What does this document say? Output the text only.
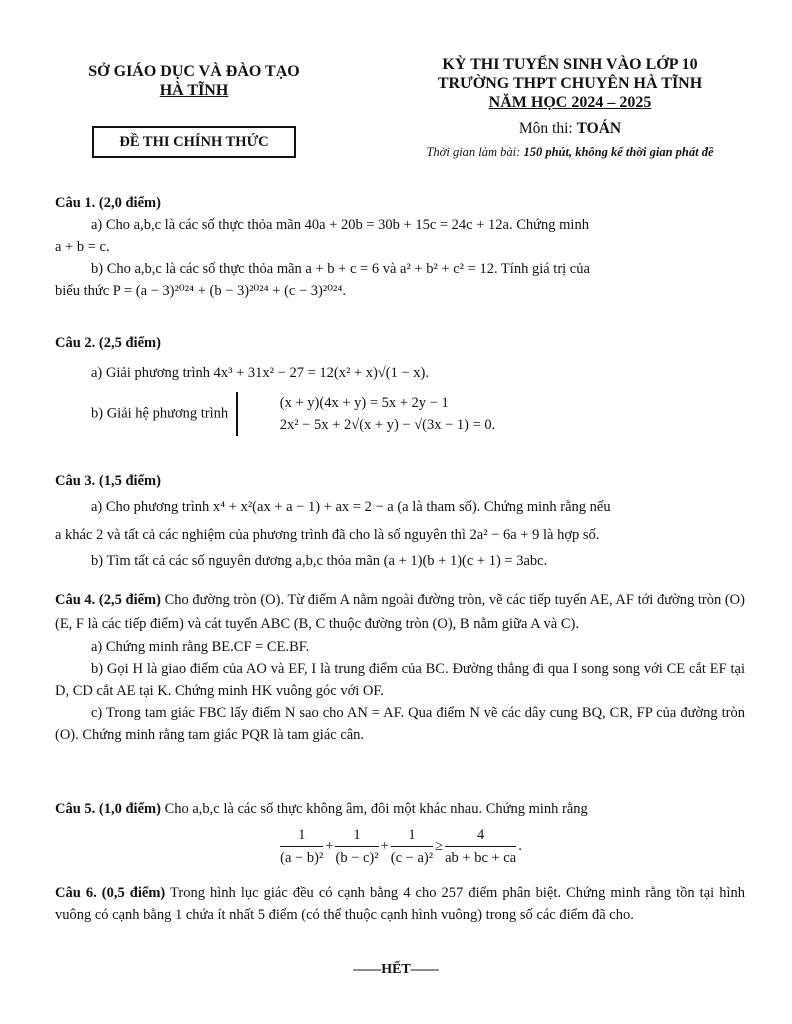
SỞ GIÁO DỤC VÀ ĐÀO TẠO
HÀ TĨNH
ĐỀ THI CHÍNH THỨC
KỲ THI TUYỂN SINH VÀO LỚP 10
TRƯỜNG THPT CHUYÊN HÀ TĨNH
NĂM HỌC 2024 – 2025
Môn thi: TOÁN
Thời gian làm bài: 150 phút, không kể thời gian phát đề
Câu 1. (2,0 điểm)
a) Cho a,b,c là các số thực thỏa mãn 40a + 20b = 30b + 15c = 24c + 12a. Chứng minh
a + b = c.
b) Cho a,b,c là các số thực thỏa mãn a + b + c = 6 và a² + b² + c² = 12. Tính giá trị của
biểu thức P = (a − 3)²⁰²⁴ + (b − 3)²⁰²⁴ + (c − 3)²⁰²⁴.
Câu 2. (2,5 điểm)
a) Giải phương trình 4x³ + 31x² − 27 = 12(x² + x)√(1 − x).
b) Giải hệ phương trình
(x + y)(4x + y) = 5x + 2y − 1
2x² − 5x + 2√(x + y) − √(3x − 1) = 0.
Câu 3. (1,5 điểm)
a) Cho phương trình x⁴ + x²(ax + a − 1) + ax = 2 − a (a là tham số). Chứng minh rằng nếu
a khác 2 và tất cả các nghiệm của phương trình đã cho là số nguyên thì 2a² − 6a + 9 là hợp số.
b) Tìm tất cả các số nguyên dương a,b,c thỏa mãn (a + 1)(b + 1)(c + 1) = 3abc.
Câu 4. (2,5 điểm) Cho đường tròn (O). Từ điểm A nằm ngoài đường tròn, vẽ các tiếp tuyến AE, AF tới đường tròn (O) (E, F là các tiếp điểm) và cát tuyến ABC (B, C thuộc đường tròn (O), B nằm giữa A và C).
a) Chứng minh rằng BE.CF = CE.BF.
b) Gọi H là giao điểm của AO và EF, I là trung điểm của BC. Đường thẳng đi qua I song song với CE cắt EF tại D, CD cắt AE tại K. Chứng minh HK vuông góc với OF.
c) Trong tam giác FBC lấy điểm N sao cho AN = AF. Qua điểm N vẽ các dây cung BQ, CR, FP của đường tròn (O). Chứng minh rằng tam giác PQR là tam giác cân.
Câu 5. (1,0 điểm) Cho a,b,c là các số thực không âm, đôi một khác nhau. Chứng minh rằng
$\frac{1}{\text{(a − b)²}} + \frac{1}{\text{(b − c)²}} + \frac{1}{\text{(c − a)²}} \ge \frac{4}{ab + bc + ca}$ .
Câu 6. (0,5 điểm) Trong hình lục giác đều có cạnh bằng 4 cho 257 điểm phân biệt. Chứng minh rằng tồn tại hình vuông có cạnh bằng 1 chứa ít nhất 5 điểm (có thể thuộc cạnh hình vuông) trong số các điểm đã cho.
——HẾT——
